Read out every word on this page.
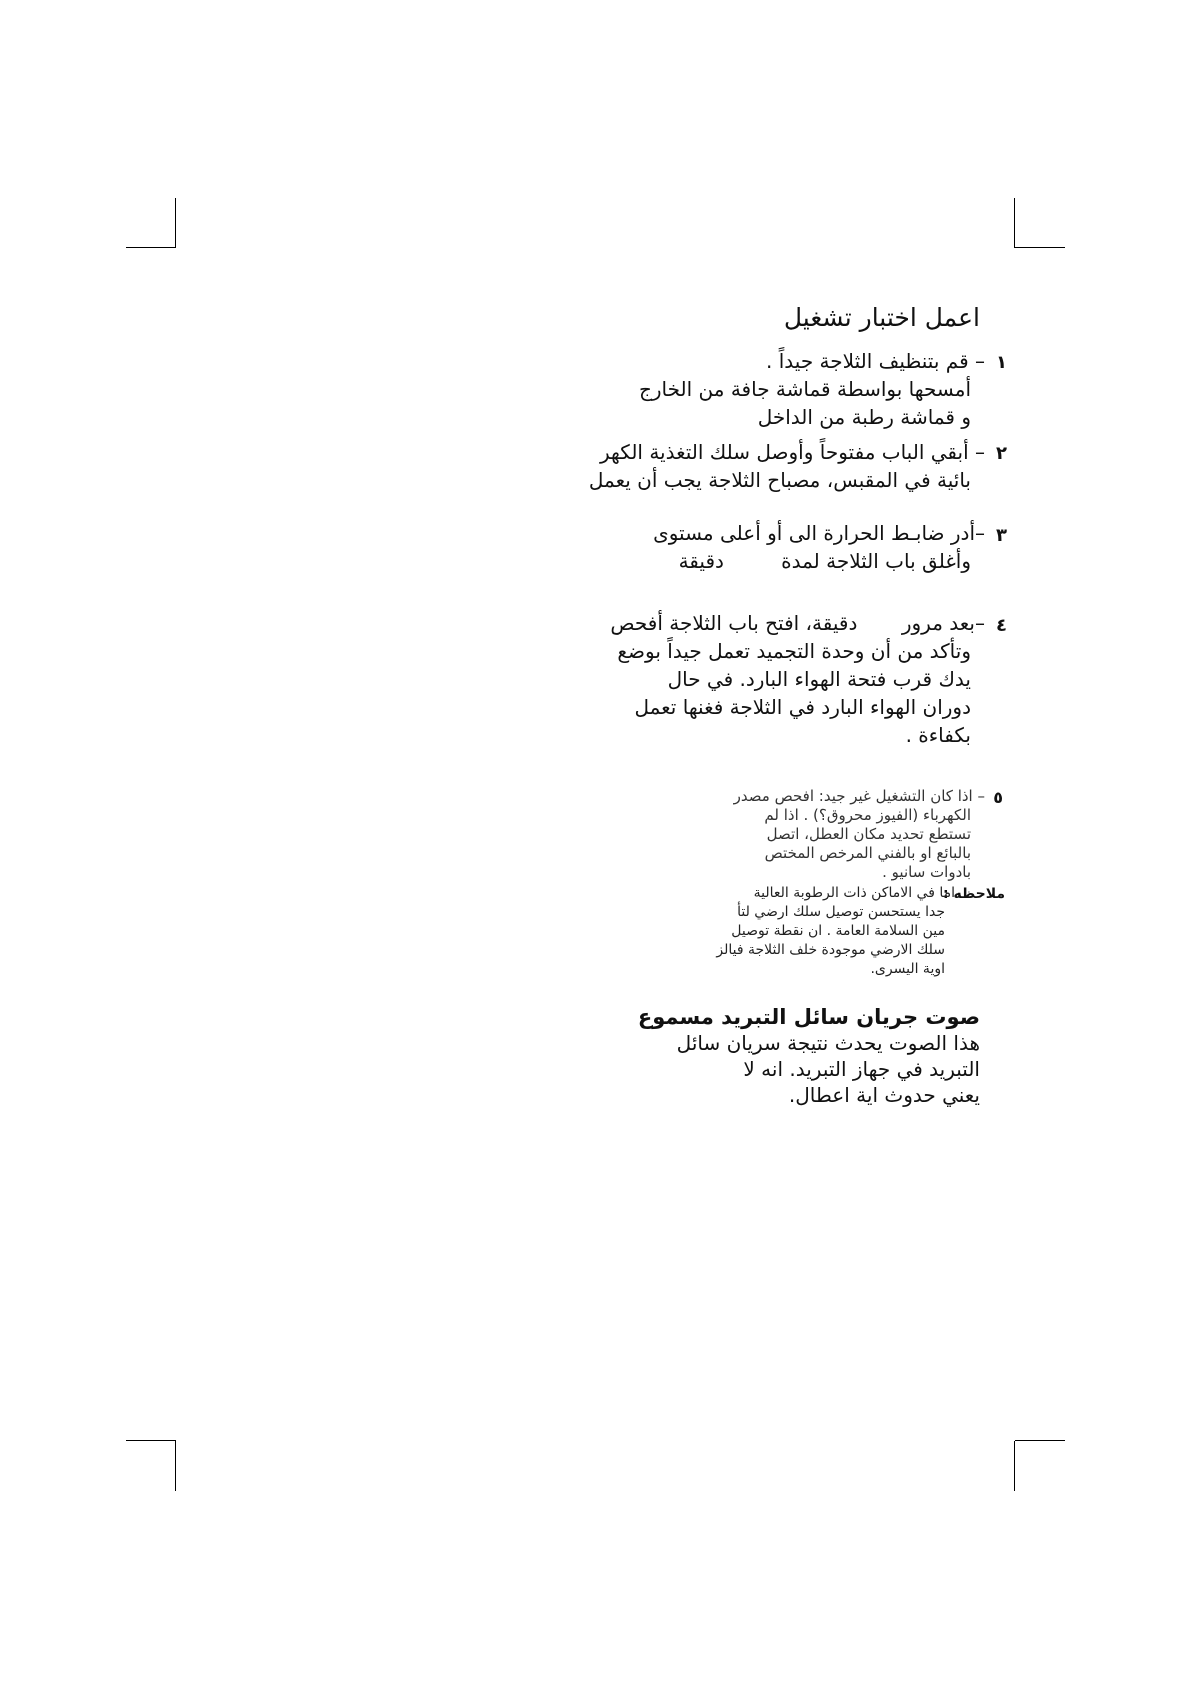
اعمل اختبار تشغيل
١
– قم بتنظيف الثلاجة جيداً .
أمسحها بواسطة قماشة جافة من الخارج
و قماشة رطبة من الداخل
٢
– أبقي الباب مفتوحاً وأوصل سلك التغذية الكهر
بائية في المقبس، مصباح الثلاجة يجب أن يعمل
٣
–أدر ضابـط الحرارة الى أو أعلى مستوى
وأغلق باب الثلاجة لمدة         دقيقة
٤
–بعد مرور       دقيقة، افتح باب الثلاجة أفحص
وتأكد من أن وحدة التجميد تعمل جيداً بوضع
يدك قرب فتحة الهواء البارد. في حال
دوران الهواء البارد في الثلاجة فغنها تعمل
بكفاءة .
٥
– اذا كان التشغيل غير جيد: افحص مصدر
الكهرباء (الفيوز محروق؟) . اذا لم
تستطع تحديد مكان العطل، اتصل
بالبائع او بالفني المرخص المختص
بادوات سانيو .
ملاحظه :
اما في الاماكن ذات الرطوبة العالية
جدا يستحسن توصيل سلك ارضي لتأ
مين السلامة العامة . ان نقطة توصيل
سلك الارضي موجودة خلف الثلاجة فيالز
اوية اليسرى.
صوت جريان سائل التبريد مسموع
هذا الصوت يحدث نتيجة سريان سائل
التبريد في جهاز التبريد. انه لا
يعني حدوث اية اعطال.
